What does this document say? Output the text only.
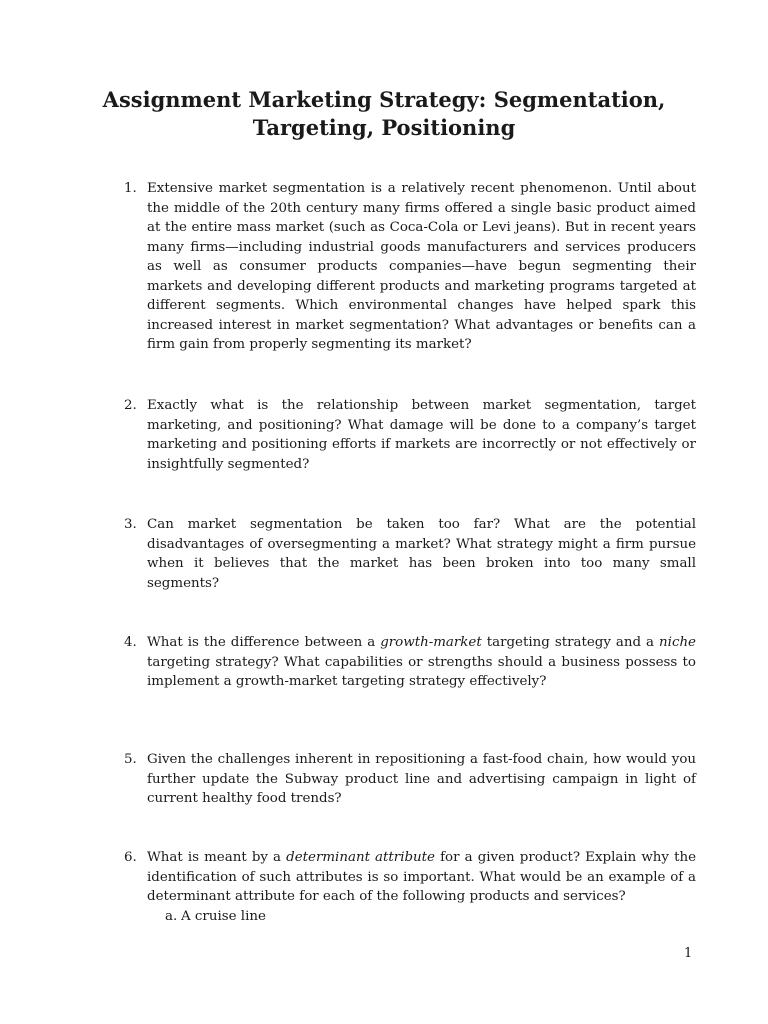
Assignment Marketing Strategy: Segmentation,
Targeting, Positioning
1. Extensive market segmentation is a relatively recent phenomenon. Until about the middle of the 20th century many firms offered a single basic product aimed at the entire mass market (such as Coca-Cola or Levi jeans). But in recent years many firms—including industrial goods manufacturers and services producers as well as consumer products companies—have begun segmenting their markets and developing different products and marketing programs targeted at different segments. Which environmental changes have helped spark this increased interest in market segmentation? What advantages or benefits can a firm gain from properly segmenting its market?
2. Exactly what is the relationship between market segmentation, target marketing, and positioning? What damage will be done to a company’s target marketing and positioning efforts if markets are incorrectly or not effectively or insightfully segmented?
3. Can market segmentation be taken too far? What are the potential disadvantages of oversegmenting a market? What strategy might a firm pursue when it believes that the market has been broken into too many small segments?
4. What is the difference between a growth-market targeting strategy and a niche targeting strategy? What capabilities or strengths should a business possess to implement a growth-market targeting strategy effectively?
5. Given the challenges inherent in repositioning a fast-food chain, how would you further update the Subway product line and advertising campaign in light of current healthy food trends?
6. What is meant by a determinant attribute for a given product? Explain why the identification of such attributes is so important. What would be an example of a determinant attribute for each of the following products and services?
a. A cruise line
1
